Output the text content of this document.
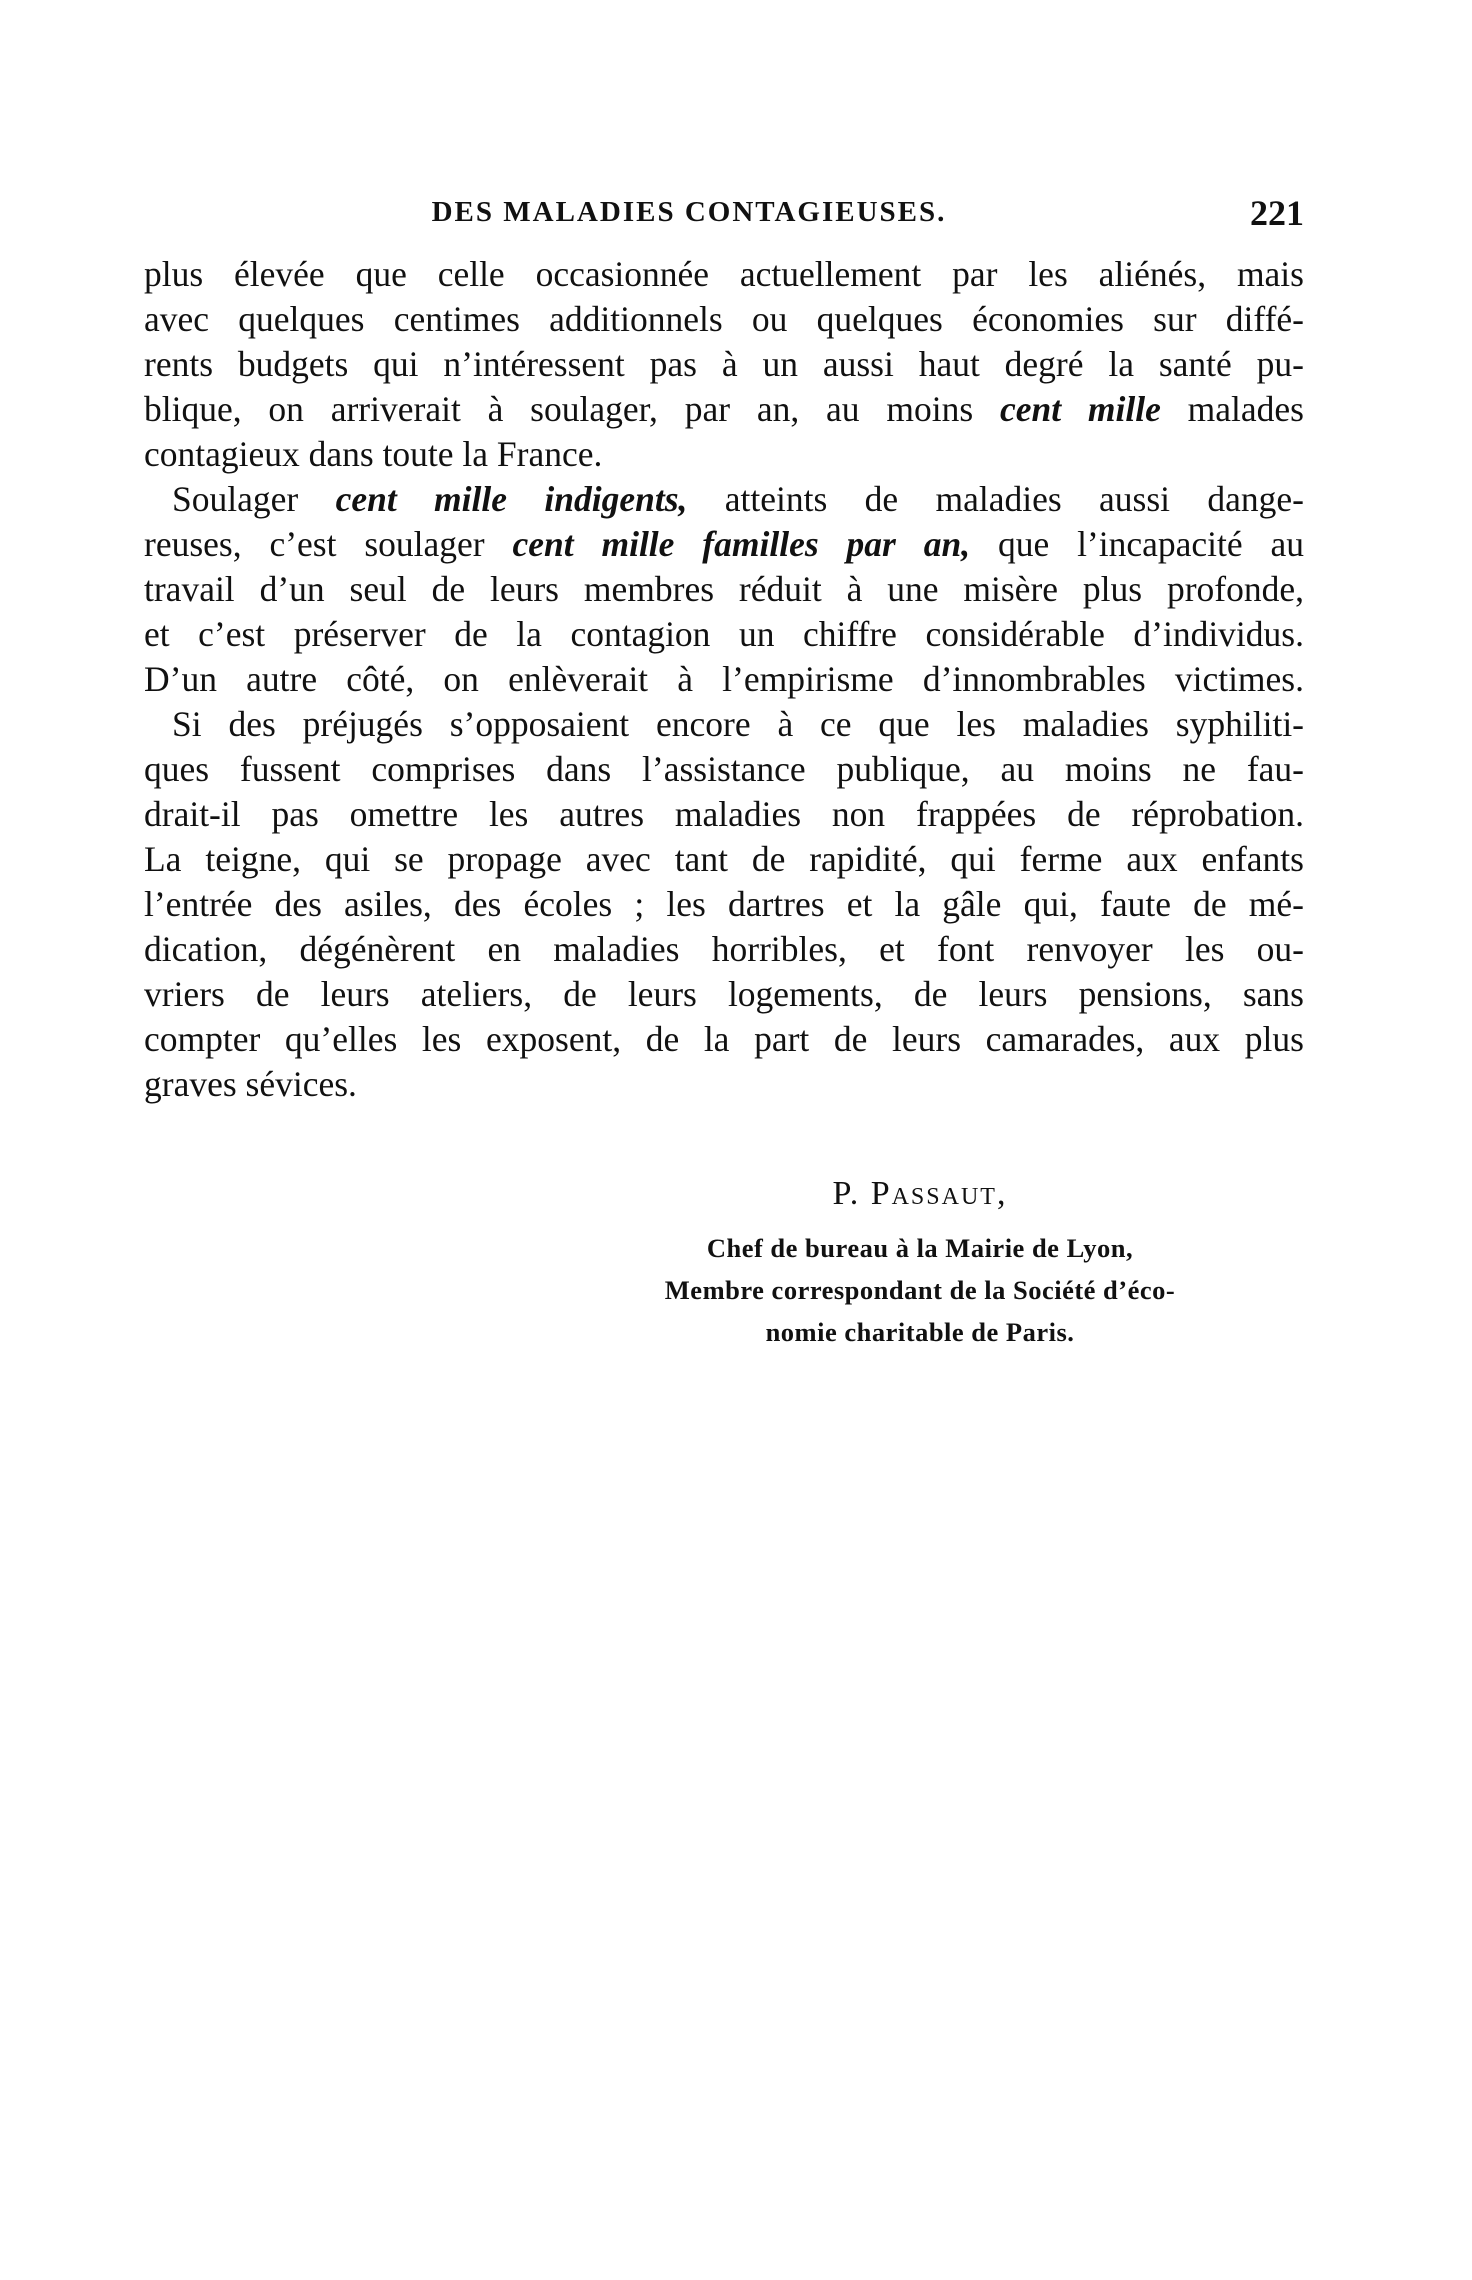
DES MALADIES CONTAGIEUSES.	221
plus élevée que celle occasionnée actuellement par les aliénés, mais
avec quelques centimes additionnels ou quelques économies sur diffé-
rents budgets qui n’intéressent pas à un aussi haut degré la santé pu-
blique, on arriverait à soulager, par an, au moins cent mille malades
contagieux dans toute la France.
Soulager cent mille indigents, atteints de maladies aussi dange-
reuses, c’est soulager cent mille familles par an, que l’incapacité au
travail d’un seul de leurs membres réduit à une misère plus profonde,
et c’est préserver de la contagion un chiffre considérable d’individus.
D’un autre côté, on enlèverait à l’empirisme d’innombrables victimes.
Si des préjugés s’opposaient encore à ce que les maladies syphiliti-
ques fussent comprises dans l’assistance publique, au moins ne fau-
drait-il pas omettre les autres maladies non frappées de réprobation.
La teigne, qui se propage avec tant de rapidité, qui ferme aux enfants
l’entrée des asiles, des écoles ; les dartres et la gâle qui, faute de mé-
dication, dégénèrent en maladies horribles, et font renvoyer les ou-
vriers de leurs ateliers, de leurs logements, de leurs pensions, sans
compter qu’elles les exposent, de la part de leurs camarades, aux plus
graves sévices.
P. Passaut,
Chef de bureau à la Mairie de Lyon,
Membre correspondant de la Société d’éco-
nomie charitable de Paris.
